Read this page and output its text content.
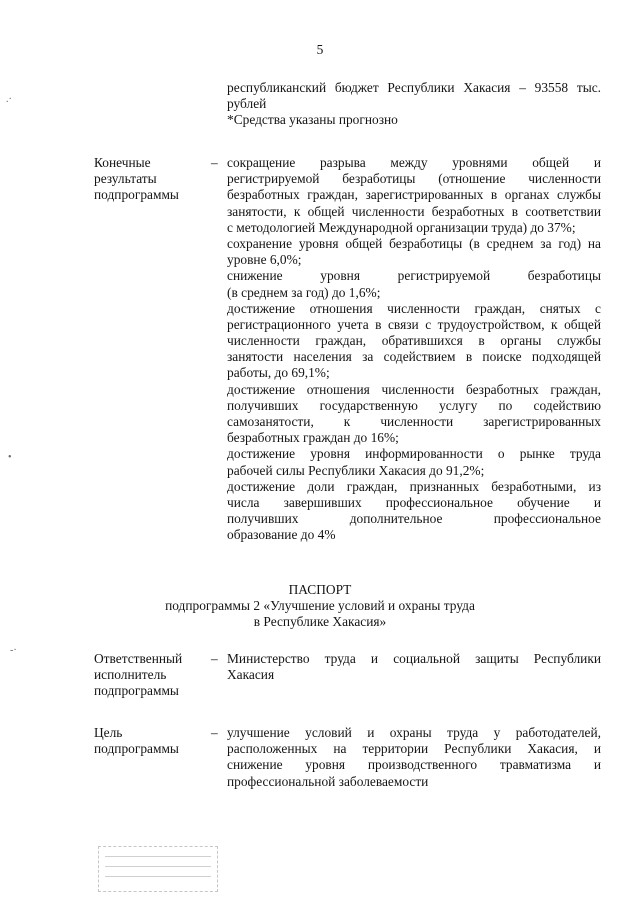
5
.·
•
-·
республиканский бюджет Республики Хакасия – 93558 тыс.
рублей
*Средства указаны прогнозно
Конечные
результаты
подпрограммы
– сокращение разрыва между уровнями общей и
регистрируемой безработицы (отношение численности
безработных граждан, зарегистрированных в органах службы
занятости, к общей численности безработных в соответствии
с методологией Международной организации труда) до 37%;
сохранение уровня общей безработицы (в среднем за год) на
уровне 6,0%;
снижение уровня регистрируемой безработицы
(в среднем за год) до 1,6%;
достижение отношения численности граждан, снятых с
регистрационного учета в связи с трудоустройством, к общей
численности граждан, обратившихся в органы службы
занятости населения за содействием в поиске подходящей
работы, до 69,1%;
достижение отношения численности безработных граждан,
получивших государственную услугу по содействию
самозанятости, к численности зарегистрированных
безработных граждан до 16%;
достижение уровня информированности о рынке труда
рабочей силы Республики Хакасия до 91,2%;
достижение доли граждан, признанных безработными, из
числа завершивших профессиональное обучение и
получивших дополнительное профессиональное
образование до 4%
ПАСПОРТ
подпрограммы 2 «Улучшение условий и охраны труда
в Республике Хакасия»
Ответственный
исполнитель
подпрограммы
– Министерство труда и социальной защиты Республики
Хакасия
Цель
подпрограммы
– улучшение условий и охраны труда у работодателей,
расположенных на территории Республики Хакасия, и
снижение уровня производственного травматизма и
профессиональной заболеваемости
